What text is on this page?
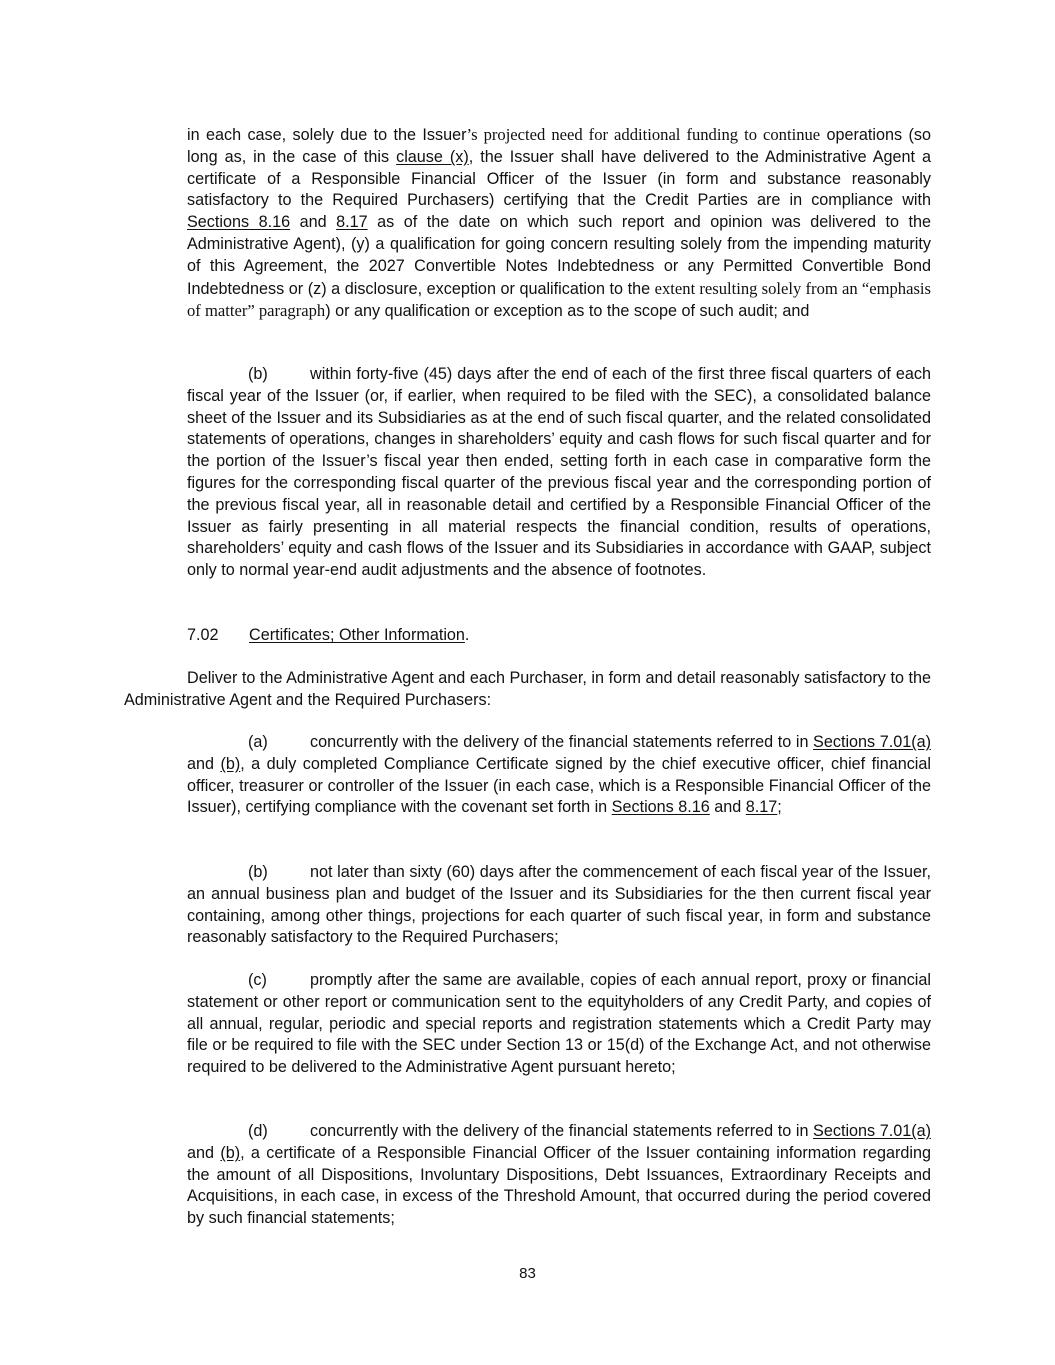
in each case, solely due to the Issuer’s projected need for additional funding to continue operations (so long as, in the case of this clause (x), the Issuer shall have delivered to the Administrative Agent a certificate of a Responsible Financial Officer of the Issuer (in form and substance reasonably satisfactory to the Required Purchasers) certifying that the Credit Parties are in compliance with Sections 8.16 and 8.17 as of the date on which such report and opinion was delivered to the Administrative Agent), (y) a qualification for going concern resulting solely from the impending maturity of this Agreement, the 2027 Convertible Notes Indebtedness or any Permitted Convertible Bond Indebtedness or (z) a disclosure, exception or qualification to the extent resulting solely from an “emphasis of matter” paragraph) or any qualification or exception as to the scope of such audit; and

(b)	within forty-five (45) days after the end of each of the first three fiscal quarters of each fiscal year of the Issuer (or, if earlier, when required to be filed with the SEC), a consolidated balance sheet of the Issuer and its Subsidiaries as at the end of such fiscal quarter, and the related consolidated statements of operations, changes in shareholders’ equity and cash flows for such fiscal quarter and for the portion of the Issuer’s fiscal year then ended, setting forth in each case in comparative form the figures for the corresponding fiscal quarter of the previous fiscal year and the corresponding portion of the previous fiscal year, all in reasonable detail and certified by a Responsible Financial Officer of the Issuer as fairly presenting in all material respects the financial condition, results of operations, shareholders’ equity and cash flows of the Issuer and its Subsidiaries in accordance with GAAP, subject only to normal year-end audit adjustments and the absence of footnotes.

7.02 Certificates; Other Information.

Deliver to the Administrative Agent and each Purchaser, in form and detail reasonably satisfactory to the Administrative Agent and the Required Purchasers:

(a)	concurrently with the delivery of the financial statements referred to in Sections 7.01(a) and (b), a duly completed Compliance Certificate signed by the chief executive officer, chief financial officer, treasurer or controller of the Issuer (in each case, which is a Responsible Financial Officer of the Issuer), certifying compliance with the covenant set forth in Sections 8.16 and 8.17;

(b)	not later than sixty (60) days after the commencement of each fiscal year of the Issuer, an annual business plan and budget of the Issuer and its Subsidiaries for the then current fiscal year containing, among other things, projections for each quarter of such fiscal year, in form and substance reasonably satisfactory to the Required Purchasers;

(c)	promptly after the same are available, copies of each annual report, proxy or financial statement or other report or communication sent to the equityholders of any Credit Party, and copies of all annual, regular, periodic and special reports and registration statements which a Credit Party may file or be required to file with the SEC under Section 13 or 15(d) of the Exchange Act, and not otherwise required to be delivered to the Administrative Agent pursuant hereto;

(d)	concurrently with the delivery of the financial statements referred to in Sections 7.01(a) and (b), a certificate of a Responsible Financial Officer of the Issuer containing information regarding the amount of all Dispositions, Involuntary Dispositions, Debt Issuances, Extraordinary Receipts and Acquisitions, in each case, in excess of the Threshold Amount, that occurred during the period covered by such financial statements;

83
